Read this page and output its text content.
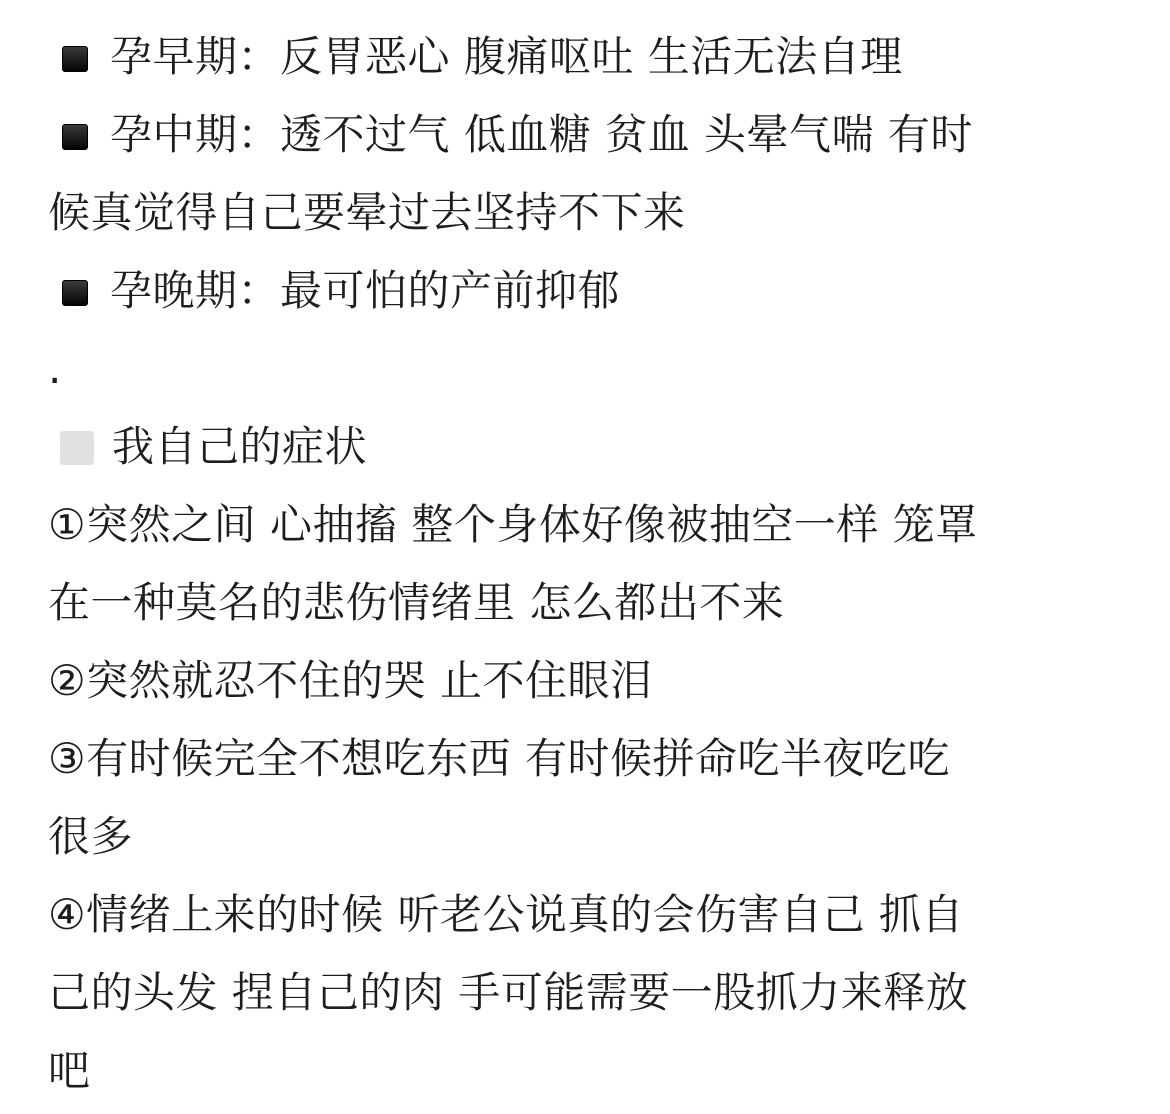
孕早期：反胃恶心 腹痛呕吐 生活无法自理
孕中期：透不过气 低血糖 贫血 头晕气喘 有时
候真觉得自己要晕过去坚持不下来
孕晚期：最可怕的产前抑郁
.
我自己的症状
①突然之间 心抽搐 整个身体好像被抽空一样 笼罩
在一种莫名的悲伤情绪里 怎么都出不来
②突然就忍不住的哭 止不住眼泪
③有时候完全不想吃东西 有时候拼命吃半夜吃吃
很多
④情绪上来的时候 听老公说真的会伤害自己 抓自
己的头发 捏自己的肉 手可能需要一股抓力来释放
吧
